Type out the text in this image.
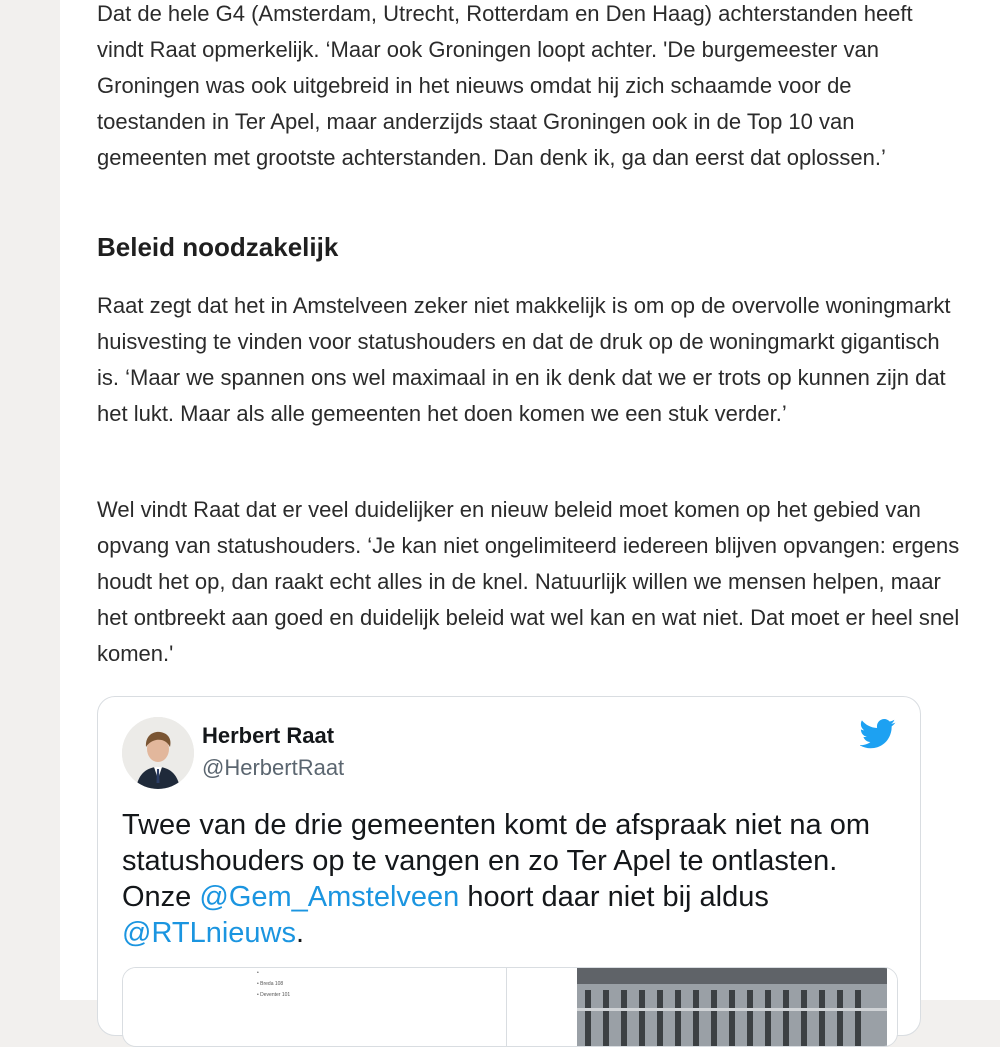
Dat de hele G4 (Amsterdam, Utrecht, Rotterdam en Den Haag) achterstanden heeft vindt Raat opmerkelijk. ‘Maar ook Groningen loopt achter. 'De burgemeester van Groningen was ook uitgebreid in het nieuws omdat hij zich schaamde voor de toestanden in Ter Apel, maar anderzijds staat Groningen ook in de Top 10 van gemeenten met grootste achterstanden. Dan denk ik, ga dan eerst dat oplossen.’

Beleid noodzakelijk

Raat zegt dat het in Amstelveen zeker niet makkelijk is om op de overvolle woningmarkt huisvesting te vinden voor statushouders en dat de druk op de woningmarkt gigantisch is. ‘Maar we spannen ons wel maximaal in en ik denk dat we er trots op kunnen zijn dat het lukt. Maar als alle gemeenten het doen komen we een stuk verder.’

Wel vindt Raat dat er veel duidelijker en nieuw beleid moet komen op het gebied van opvang van statushouders. ‘Je kan niet ongelimiteerd iedereen blijven opvangen: ergens houdt het op, dan raakt echt alles in de knel. Natuurlijk willen we mensen helpen, maar het ontbreekt aan goed en duidelijk beleid wat wel kan en wat niet. Dat moet er heel snel komen.'

Herbert Raat
@HerbertRaat

Twee van de drie gemeenten komt de afspraak niet na om statushouders op te vangen en zo Ter Apel te ontlasten. Onze @Gem_Amstelveen hoort daar niet bij aldus @RTLnieuws.

•
• Breda 108
• Deventer 101
